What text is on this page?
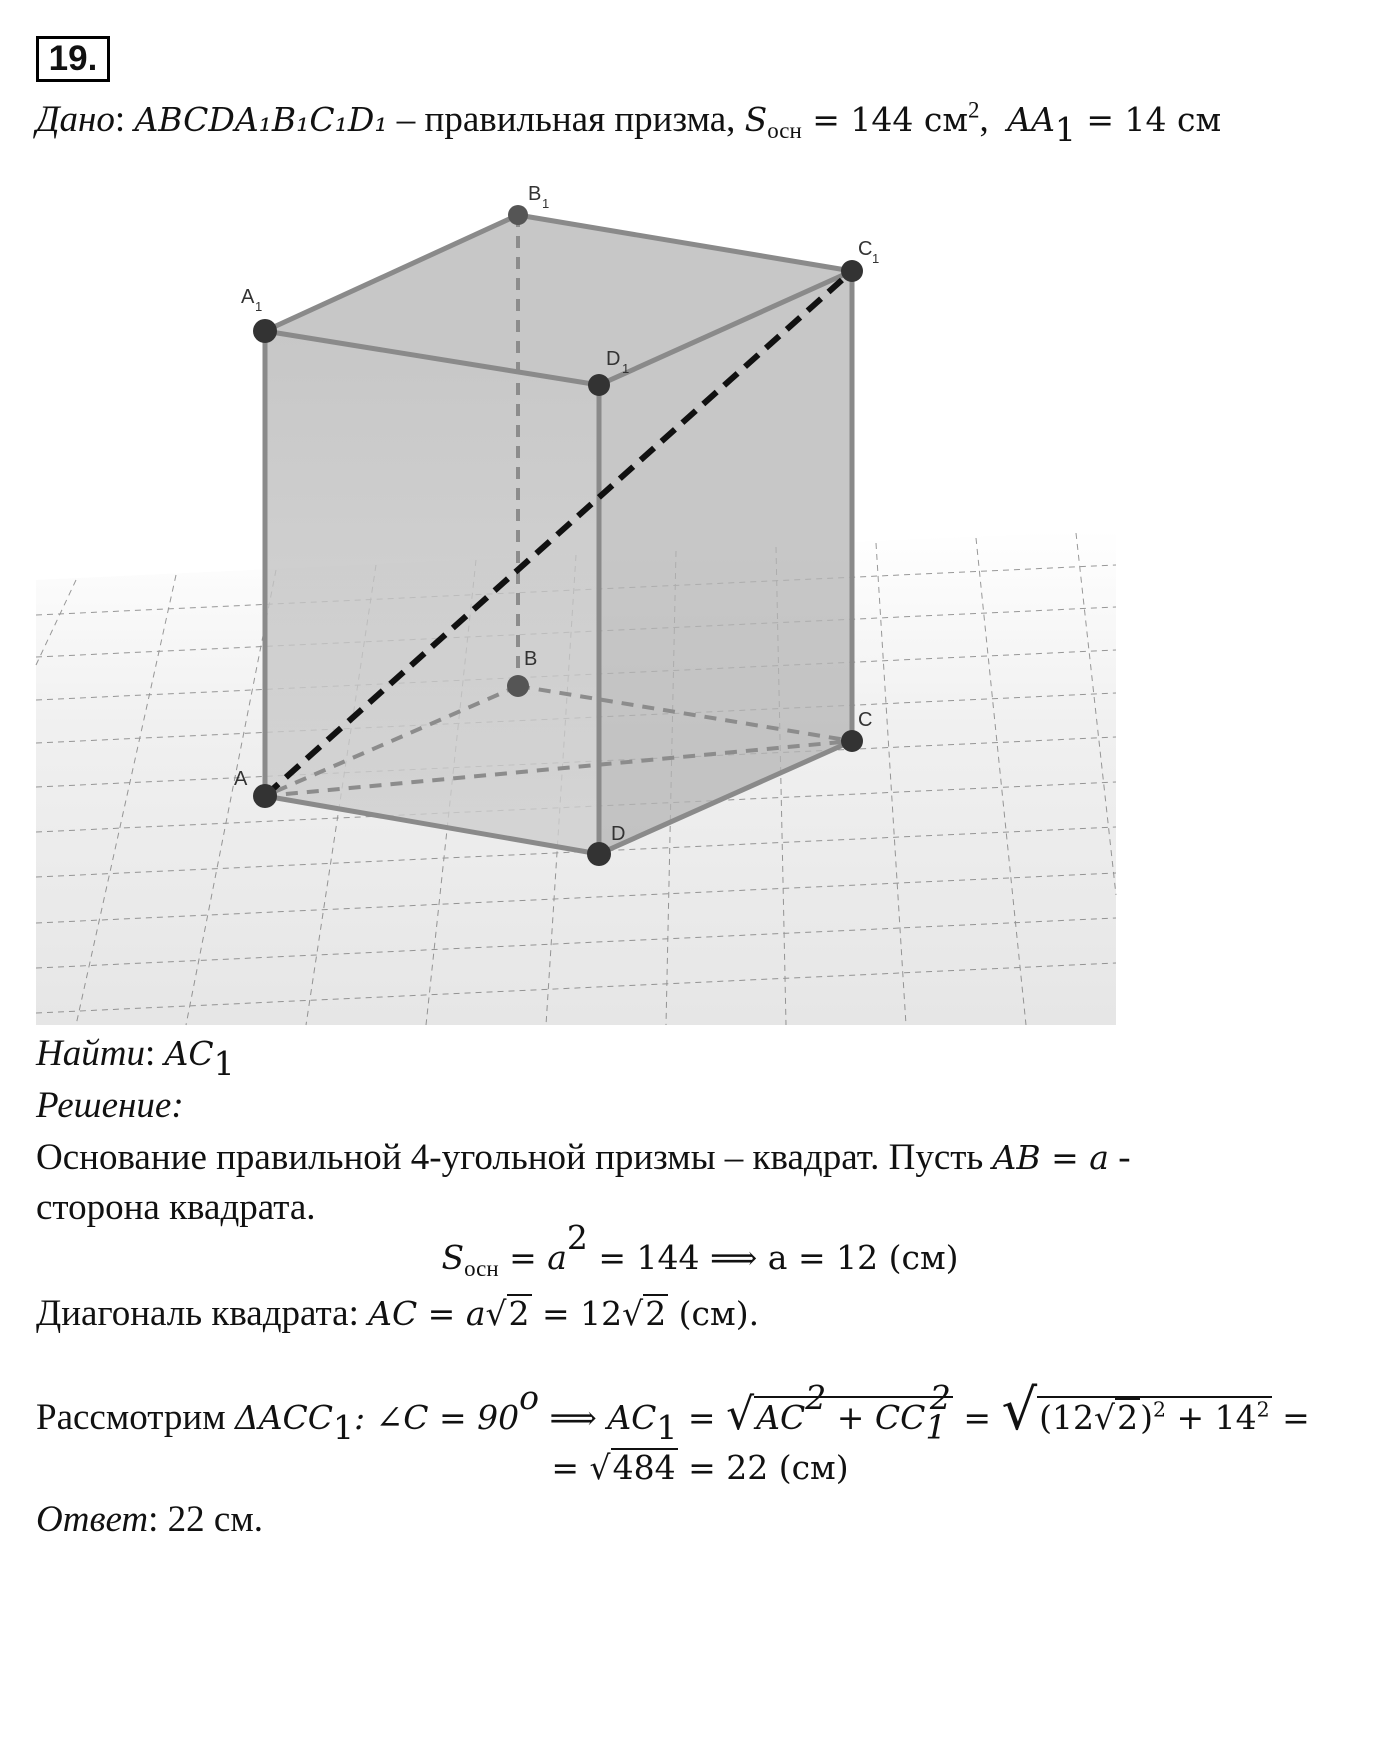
19.
Дано: ABCDA₁B₁C₁D₁ – правильная призма, $S_{осн} = 144$ $см^2$,  $AA_1 = 14$ см
A 1
B 1
C 1
D 1
A
B
C
D
Найти: $AC_1$
Решение:
Основание правильной 4-угольной призмы – квадрат. Пусть AB = a -
сторона квадрата.
$S_{осн} = a^2 = 144$ ⟹ a = 12 (см)
Диагональ квадрата: AC = a√2 = 12√2 (см).
Рассмотрим $\Delta ACC_1$: ∠C = $90^o$ ⟹ $AC_1 = √AC^2 + CC_1^2 = √(12√2)^2 + 14^2$ =
= √484 = 22 (см)
Ответ: 22 см.
